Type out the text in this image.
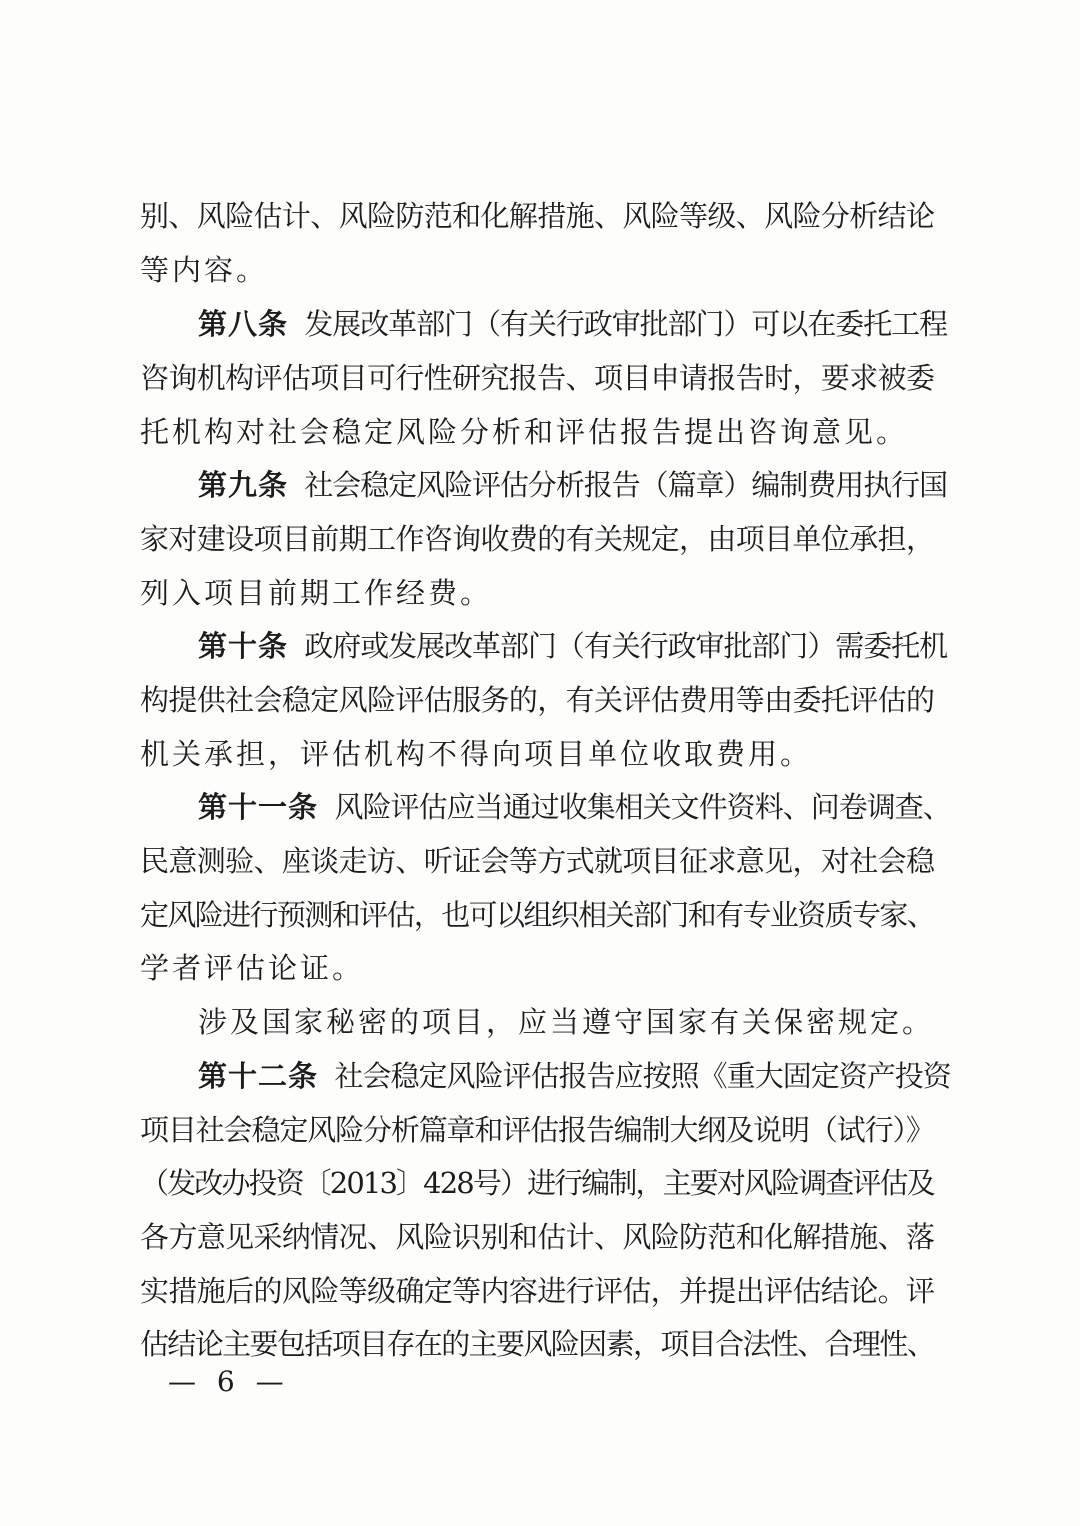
别、风险估计、风险防范和化解措施、风险等级、风险分析结论
等内容。
第八条 发展改革部门（有关行政审批部门）可以在委托工程
咨询机构评估项目可行性研究报告、项目申请报告时，要求被委
托机构对社会稳定风险分析和评估报告提出咨询意见。
第九条 社会稳定风险评估分析报告（篇章）编制费用执行国
家对建设项目前期工作咨询收费的有关规定，由项目单位承担，
列入项目前期工作经费。
第十条 政府或发展改革部门（有关行政审批部门）需委托机
构提供社会稳定风险评估服务的，有关评估费用等由委托评估的
机关承担，评估机构不得向项目单位收取费用。
第十一条 风险评估应当通过收集相关文件资料、问卷调查、
民意测验、座谈走访、听证会等方式就项目征求意见，对社会稳
定风险进行预测和评估，也可以组织相关部门和有专业资质专家、
学者评估论证。
涉及国家秘密的项目，应当遵守国家有关保密规定。
第十二条 社会稳定风险评估报告应按照《重大固定资产投资
项目社会稳定风险分析篇章和评估报告编制大纲及说明（试行）》
（发改办投资〔2013〕428号）进行编制，主要对风险调查评估及
各方意见采纳情况、风险识别和估计、风险防范和化解措施、落
实措施后的风险等级确定等内容进行评估，并提出评估结论。评
估结论主要包括项目存在的主要风险因素，项目合法性、合理性、
— 6 —
